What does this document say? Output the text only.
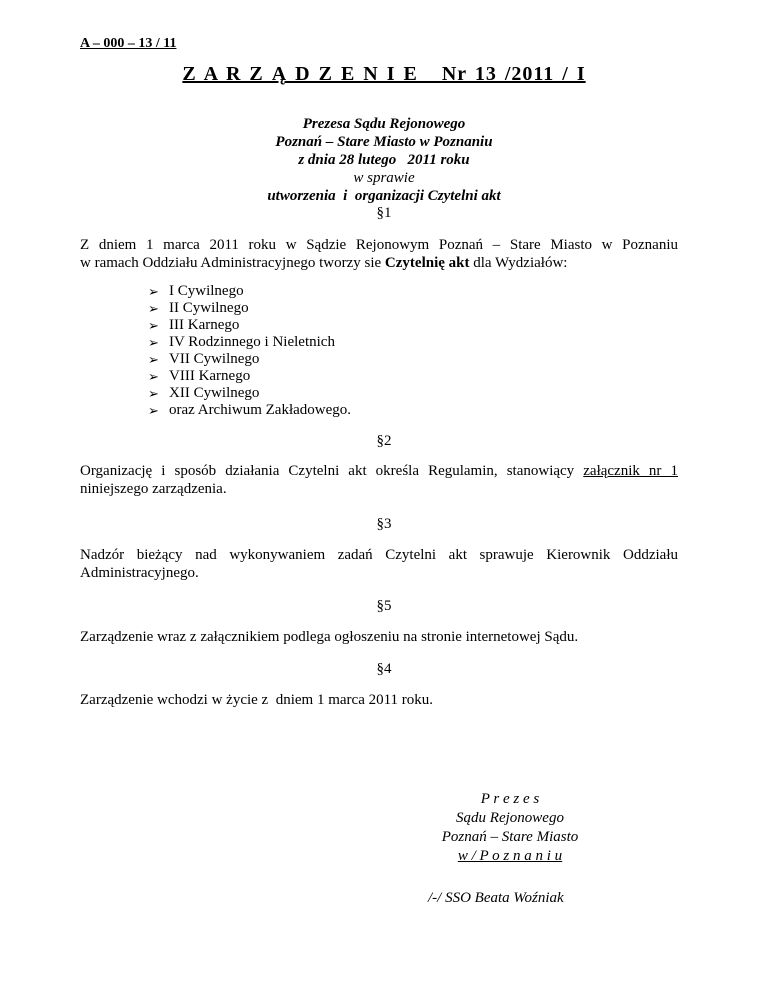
A – 000 – 13 / 11
Z A R Z Ą D Z E N I E   Nr 13 /2011 / I
Prezesa Sądu Rejonowego
Poznań – Stare Miasto w Poznaniu
z dnia 28 lutego   2011 roku
w sprawie
utworzenia  i  organizacji Czytelni akt
§1
Z dniem 1 marca 2011 roku w Sądzie Rejonowym Poznań – Stare Miasto w Poznaniu
w ramach Oddziału Administracyjnego tworzy sie Czytelnię akt dla Wydziałów:
➢ I Cywilnego
➢ II Cywilnego
➢ III Karnego
➢ IV Rodzinnego i Nieletnich
➢ VII Cywilnego
➢ VIII Karnego
➢ XII Cywilnego
➢ oraz Archiwum Zakładowego.
§2
Organizację i sposób działania Czytelni akt określa Regulamin, stanowiący załącznik nr 1
niniejszego zarządzenia.
§3
Nadzór bieżący nad wykonywaniem zadań Czytelni akt sprawuje Kierownik Oddziału
Administracyjnego.
§5
Zarządzenie wraz z załącznikiem podlega ogłoszeniu na stronie internetowej Sądu.
§4
Zarządzenie wchodzi w życie z  dniem 1 marca 2011 roku.
P r e z e s
Sądu Rejonowego
Poznań – Stare Miasto
w / P o z n a n i u
/-/ SSO Beata Woźniak
